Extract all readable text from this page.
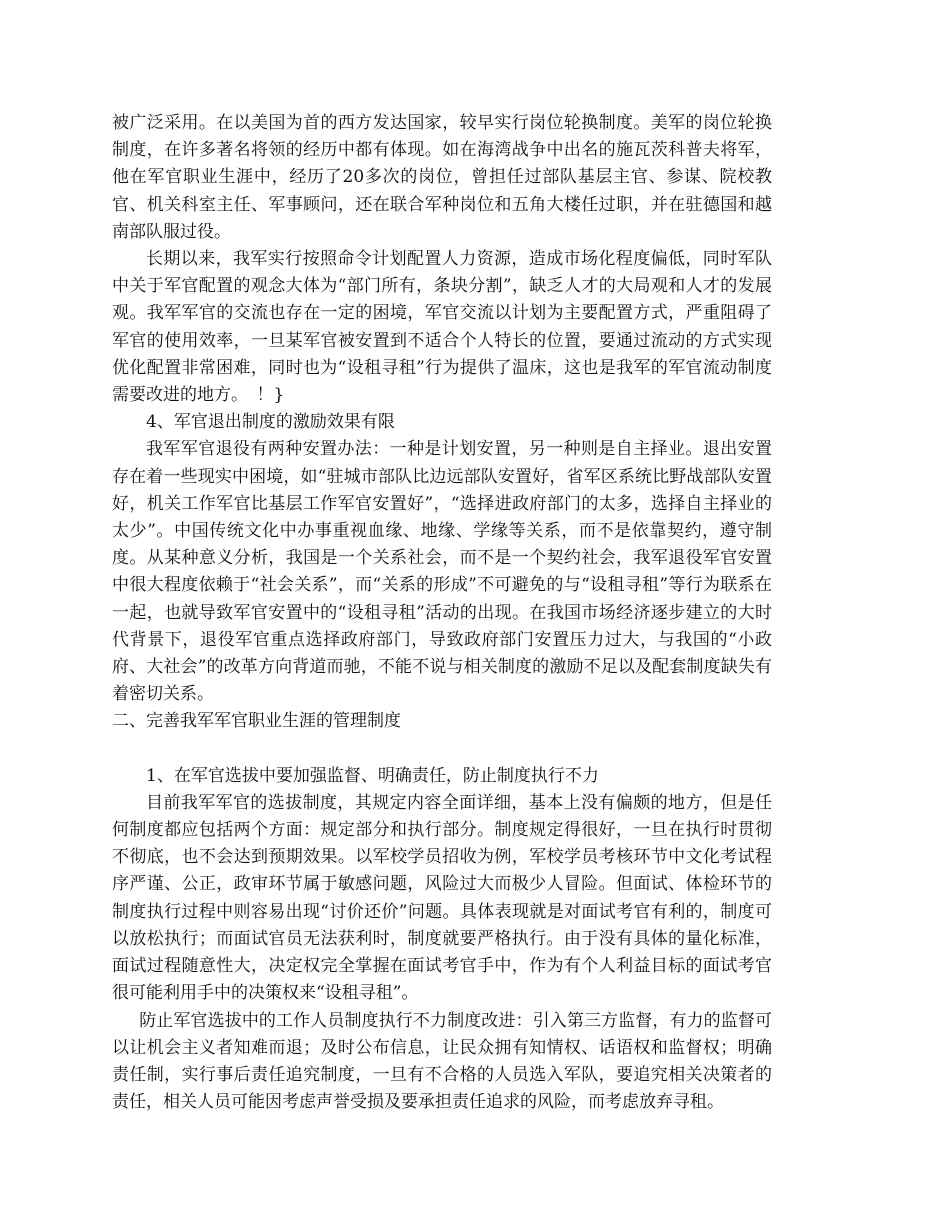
被广泛采用。在以美国为首的西方发达国家，较早实行岗位轮换制度。美军的岗位轮换制度，在许多著名将领的经历中都有体现。如在海湾战争中出名的施瓦茨科普夫将军，他在军官职业生涯中，经历了20多次的岗位，曾担任过部队基层主官、参谋、院校教官、机关科室主任、军事顾问，还在联合军种岗位和五角大楼任过职，并在驻德国和越南部队服过役。

长期以来，我军实行按照命令计划配置人力资源，造成市场化程度偏低，同时军队中关于军官配置的观念大体为“部门所有，条块分割”，缺乏人才的大局观和人才的发展观。我军军官的交流也存在一定的困境，军官交流以计划为主要配置方式，严重阻碍了军官的使用效率，一旦某军官被安置到不适合个人特长的位置，要通过流动的方式实现优化配置非常困难，同时也为“设租寻租”行为提供了温床，这也是我军的军官流动制度需要改进的地方。　！}

4、军官退出制度的激励效果有限

我军军官退役有两种安置办法：一种是计划安置，另一种则是自主择业。退出安置存在着一些现实中困境，如“驻城市部队比边远部队安置好，省军区系统比野战部队安置好，机关工作军官比基层工作军官安置好”，“选择进政府部门的太多，选择自主择业的太少”。中国传统文化中办事重视血缘、地缘、学缘等关系，而不是依靠契约，遵守制度。从某种意义分析，我国是一个关系社会，而不是一个契约社会，我军退役军官安置中很大程度依赖于“社会关系”，而“关系的形成”不可避免的与“设租寻租”等行为联系在一起，也就导致军官安置中的“设租寻租”活动的出现。在我国市场经济逐步建立的大时代背景下，退役军官重点选择政府部门，导致政府部门安置压力过大，与我国的“小政府、大社会”的改革方向背道而驰，不能不说与相关制度的激励不足以及配套制度缺失有着密切关系。

二、完善我军军官职业生涯的管理制度

1、在军官选拔中要加强监督、明确责任，防止制度执行不力

目前我军军官的选拔制度，其规定内容全面详细，基本上没有偏颇的地方，但是任何制度都应包括两个方面：规定部分和执行部分。制度规定得很好，一旦在执行时贯彻不彻底，也不会达到预期效果。以军校学员招收为例，军校学员考核环节中文化考试程序严谨、公正，政审环节属于敏感问题，风险过大而极少人冒险。但面试、体检环节的制度执行过程中则容易出现“讨价还价”问题。具体表现就是对面试考官有利的，制度可以放松执行；而面试官员无法获利时，制度就要严格执行。由于没有具体的量化标准，面试过程随意性大，决定权完全掌握在面试考官手中，作为有个人利益目标的面试考官很可能利用手中的决策权来“设租寻租”。

防止军官选拔中的工作人员制度执行不力制度改进：引入第三方监督，有力的监督可以让机会主义者知难而退；及时公布信息，让民众拥有知情权、话语权和监督权；明确责任制，实行事后责任追究制度，一旦有不合格的人员选入军队，要追究相关决策者的责任，相关人员可能因考虑声誉受损及要承担责任追求的风险，而考虑放弃寻租。
